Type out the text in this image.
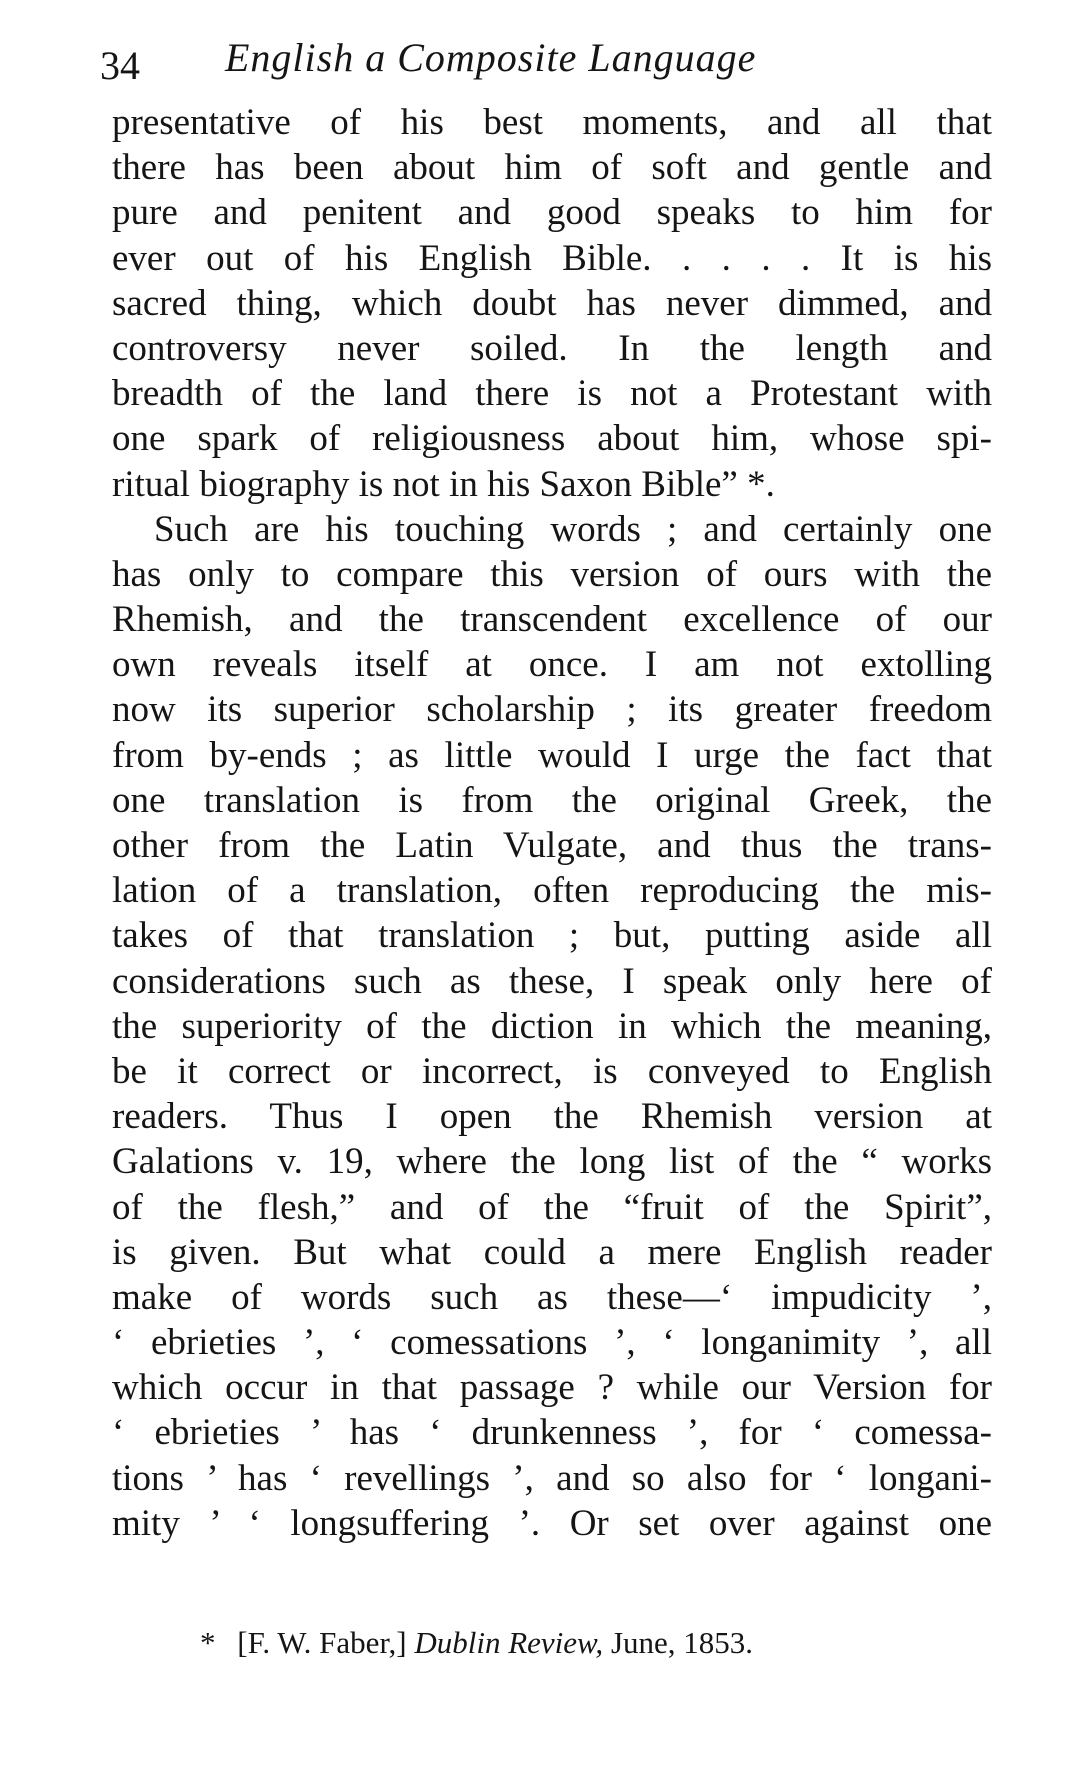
34 English a Composite Language
presentative of his best moments, and all that
there has been about him of soft and gentle and
pure and penitent and good speaks to him for
ever out of his English Bible. . . . . It is his
sacred thing, which doubt has never dimmed, and
controversy never soiled. In the length and
breadth of the land there is not a Protestant with
one spark of religiousness about him, whose spi-
ritual biography is not in his Saxon Bible” *.
Such are his touching words ; and certainly one
has only to compare this version of ours with the
Rhemish, and the transcendent excellence of our
own reveals itself at once. I am not extolling
now its superior scholarship ; its greater freedom
from by-ends ; as little would I urge the fact that
one translation is from the original Greek, the
other from the Latin Vulgate, and thus the trans-
lation of a translation, often reproducing the mis-
takes of that translation ; but, putting aside all
considerations such as these, I speak only here of
the superiority of the diction in which the meaning,
be it correct or incorrect, is conveyed to English
readers. Thus I open the Rhemish version at
Galations v. 19, where the long list of the “ works
of the flesh,” and of the “fruit of the Spirit”,
is given. But what could a mere English reader
make of words such as these—‘ impudicity ’,
‘ ebrieties ’, ‘ comessations ’, ‘ longanimity ’, all
which occur in that passage ? while our Version for
‘ ebrieties ’ has ‘ drunkenness ’, for ‘ comessa-
tions ’ has ‘ revellings ’, and so also for ‘ longani-
mity ’ ‘ longsuffering ’. Or set over against one
* [F. W. Faber,] Dublin Review, June, 1853.
